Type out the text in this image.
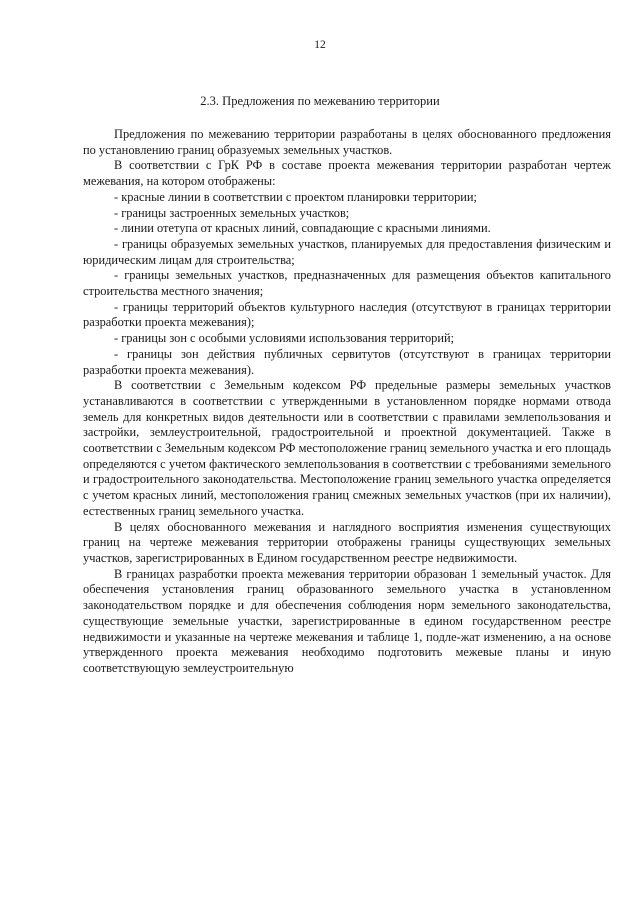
12
2.3. Предложения по межеванию территории

Предложения по межеванию территории разработаны в целях обоснованного предложения по установлению границ образуемых земельных участков.

В соответствии с ГрК РФ в составе проекта межевания территории разработан чертеж межевания, на котором отображены:

- красные линии в соответствии с проектом планировки территории;

- границы застроенных земельных участков;

- линии отетупа от красных линий, совпадающие с красными линиями.

- границы образуемых земельных участков, планируемых для предоставления физическим и юридическим лицам для строительства;

- границы земельных участков, предназначенных для размещения объектов капитального строительства местного значения;

- границы территорий объектов культурного наследия (отсутствуют в границах территории разработки проекта межевания);

- границы зон с особыми условиями использования территорий;

- границы зон действия публичных сервитутов (отсутствуют в границах территории разработки проекта межевания).

В соответствии с Земельным кодексом РФ предельные размеры земельных участков устанавливаются в соответствии с утвержденными в установленном порядке нормами отвода земель для конкретных видов деятельности или в соответствии с правилами землепользования и застройки, землеустроительной, градостроительной и проектной документацией. Также в соответствии с Земельным кодексом РФ местоположение границ земельного участка и его площадь определяются с учетом фактического землепользования в соответствии с требованиями земельного и градостроительного законодательства. Местоположение границ земельного участка определяется с учетом красных линий, местоположения границ смежных земельных участков (при их наличии), естественных границ земельного участка.

В целях обоснованного межевания и наглядного восприятия изменения существующих границ на чертеже межевания территории отображены границы существующих земельных участков, зарегистрированных в Едином государственном реестре недвижимости.

В границах разработки проекта межевания территории образован 1 земельный участок. Для обеспечения установления границ образованного земельного участка в установленном законодательством порядке и для обеспечения соблюдения норм земельного законодательства, существующие земельные участки, зарегистрированные в едином государственном реестре недвижимости и указанные на чертеже межевания и таблице 1, подле-жат изменению, а на основе утвержденного проекта межевания необходимо подготовить межевые планы и иную соответствующую землеустроительную
